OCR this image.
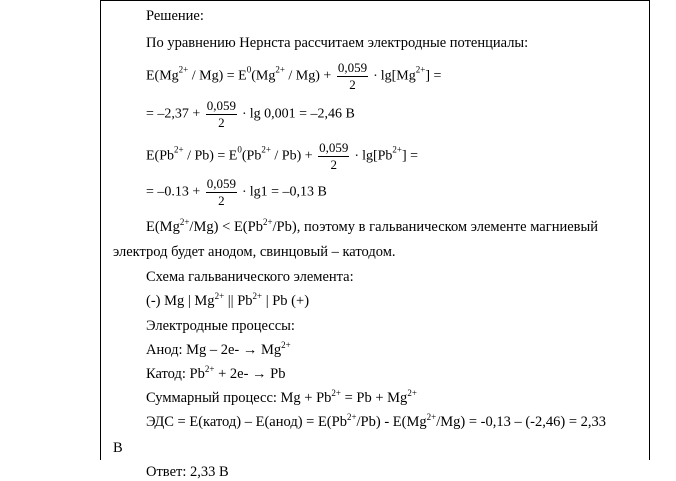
Решение:
По уравнению Нернста рассчитаем электродные потенциалы:
$E(Mg^{2+} / Mg) = E^0(Mg^{2+} / Mg) + \frac{0,059}{2} \cdot \lg[Mg^{2+}]$ =
= $-2,37 + \frac{0,059}{2} \cdot \lg 0,001 = -2,46$ В
$E(Pb^{2+} / Pb) = E^0(Pb^{2+} / Pb) + \frac{0,059}{2} \cdot \lg[Pb^{2+}]$ =
= $-0.13 + \frac{0,059}{2} \cdot \lg 1 = -0,13$ В
$E(Mg^{2+}/Mg) < E(Pb^{2+}/Pb)$, поэтому в гальваническом элементе магниевый
электрод будет анодом, свинцовый – катодом.
Схема гальванического элемента:
(-) Mg | $Mg^{2+}$ || $Pb^{2+}$ | Pb (+)
Электродные процессы:
Анод: $Mg - 2e- \to Mg^{2+}$
Катод: $Pb^{2+} + 2e- \to Pb$
Суммарный процесс: $Mg + Pb^{2+} = Pb + Mg^{2+}$
ЭДС = Е(катод) – Е(анод) = $E(Pb^{2+}/Pb) - E(Mg^{2+}/Mg) = -0,13 - (-2,46) = 2,33$
В
Ответ: 2,33 В
